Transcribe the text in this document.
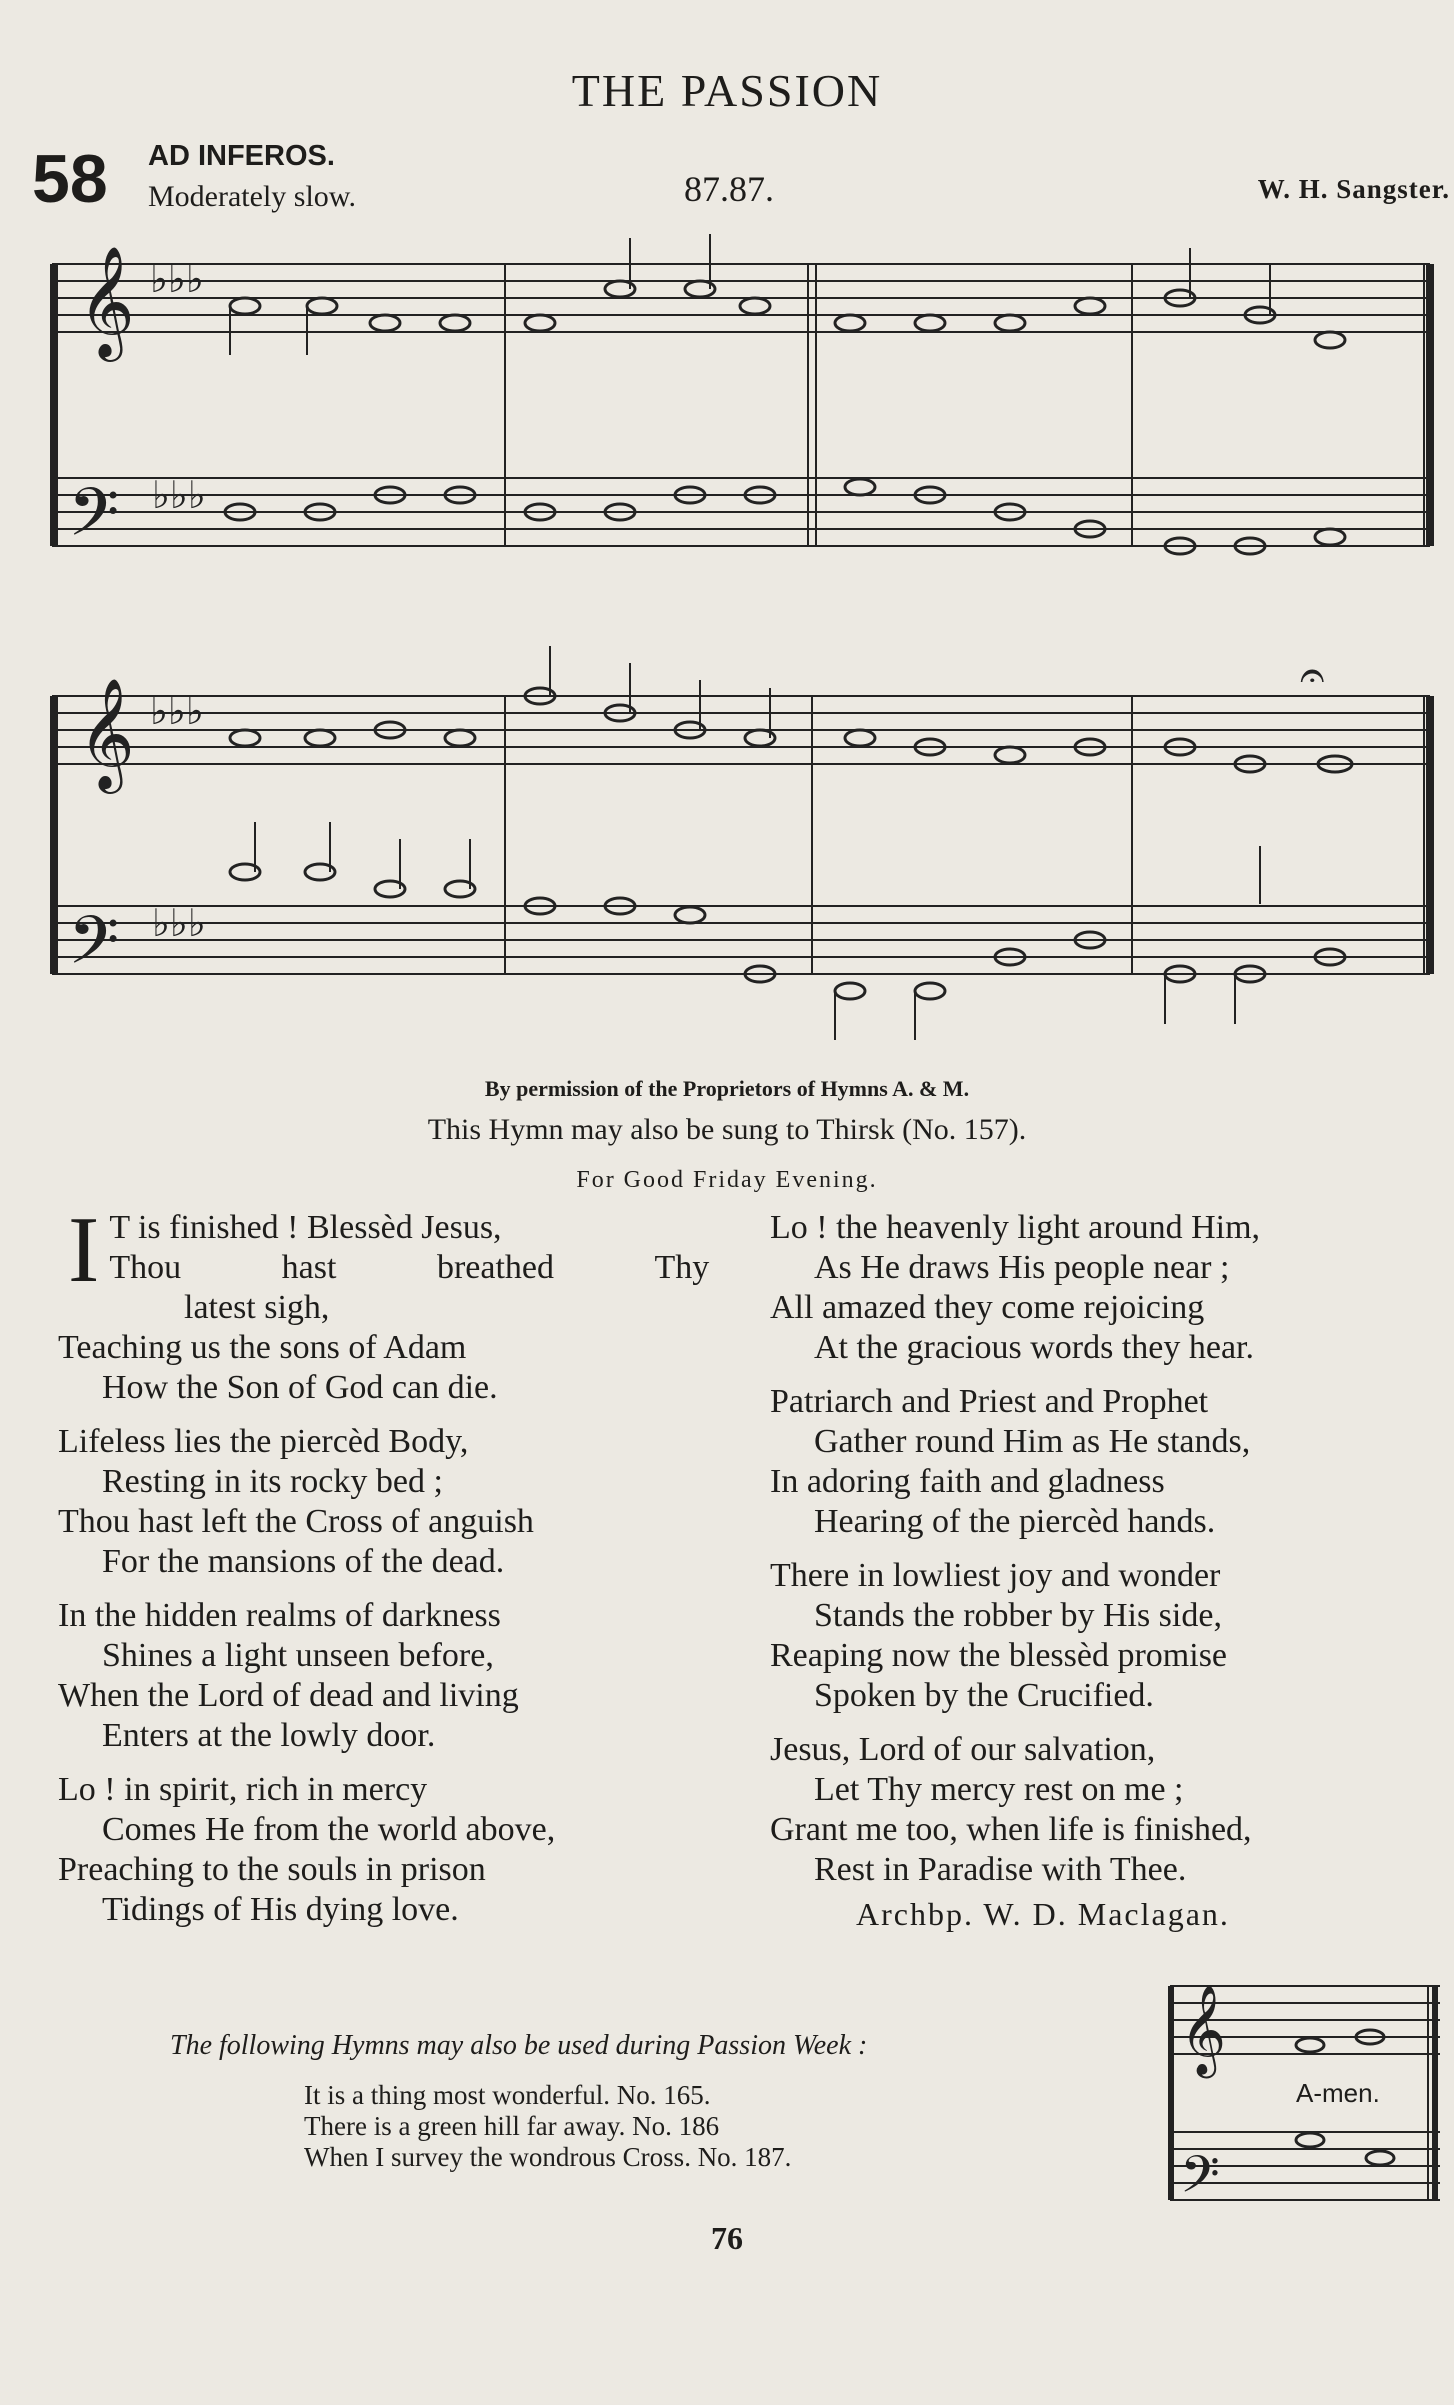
THE PASSION
58 AD INFEROS.
Moderately slow.	87.87.	W. H. Sangster.
𝄞
𝄢
♭♭♭
♭♭♭
𝄞
𝄢
♭♭♭
♭♭♭
𝄐
𝄞
𝄢
By permission of the Proprietors of Hymns A. & M.
This Hymn may also be sung to Thirsk (No. 157).
For Good Friday Evening.
I T is finished ! Blessèd Jesus,
Thou	hast	breathed	Thy
latest sigh,
Teaching us the sons of Adam
How the Son of God can die.
Lifeless lies the piercèd Body,
Resting in its rocky bed ;
Thou hast left the Cross of anguish
For the mansions of the dead.
In the hidden realms of darkness
Shines a light unseen before,
When the Lord of dead and living
Enters at the lowly door.
Lo ! in spirit, rich in mercy
Comes He from the world above,
Preaching to the souls in prison
Tidings of His dying love.
Lo ! the heavenly light around Him,
As He draws His people near ;
All amazed they come rejoicing
At the gracious words they hear.
Patriarch and Priest and Prophet
Gather round Him as He stands,
In adoring faith and gladness
Hearing of the piercèd hands.
There in lowliest joy and wonder
Stands the robber by His side,
Reaping now the blessèd promise
Spoken by the Crucified.
Jesus, Lord of our salvation,
Let Thy mercy rest on me ;
Grant me too, when life is finished,
Rest in Paradise with Thee.
Archbp. W. D. Maclagan.
The following Hymns may also be used during Passion Week :
It is a thing most wonderful. No. 165.
There is a green hill far away. No. 186
When I survey the wondrous Cross. No. 187.
A-men.
76
